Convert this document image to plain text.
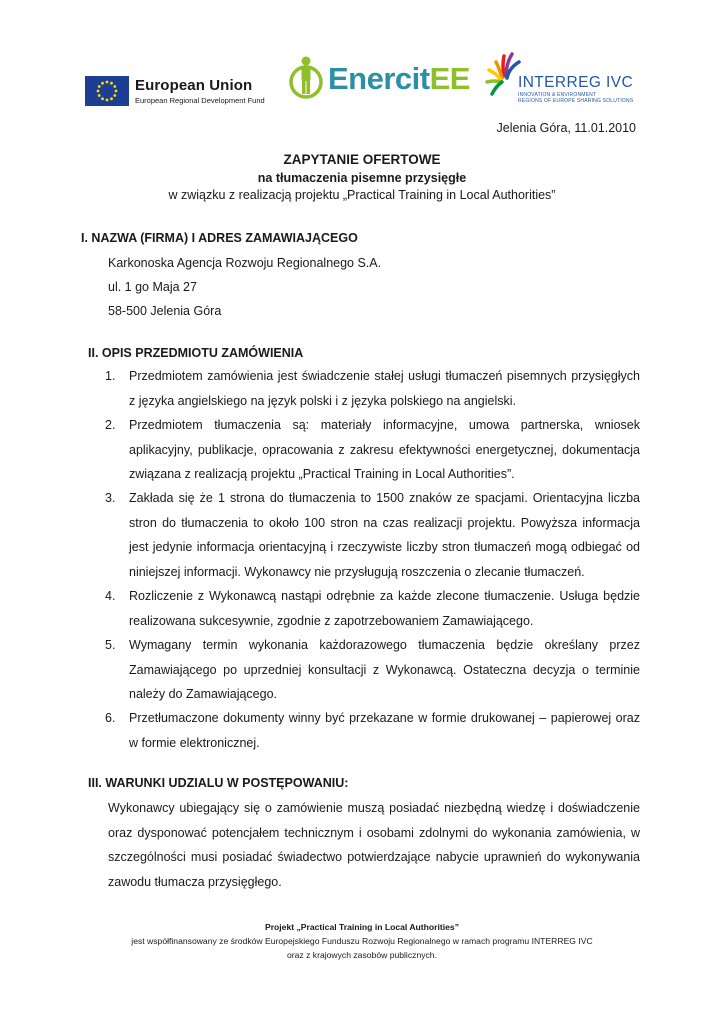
European Union
European Regional Development Fund
EnercitEE	INTERREG IVC
INNOVATION & ENVIRONMENT
REGIONS OF EUROPE SHARING SOLUTIONS
Jelenia Góra, 11.01.2010
ZAPYTANIE OFERTOWE
na tłumaczenia pisemne przysięgłe
w związku z realizacją projektu „Practical Training in Local Authorities”
I. NAZWA (FIRMA) I ADRES ZAMAWIAJĄCEGO
Karkonoska Agencja Rozwoju Regionalnego S.A.
ul. 1 go Maja 27
58-500 Jelenia Góra
II. OPIS PRZEDMIOTU ZAMÓWIENIA
1. Przedmiotem zamówienia jest świadczenie stałej usługi tłumaczeń pisemnych przysięgłych z języka angielskiego na język polski i z języka polskiego na angielski.
2. Przedmiotem tłumaczenia są: materiały informacyjne, umowa partnerska, wniosek aplikacyjny, publikacje, opracowania z zakresu efektywności energetycznej, dokumentacja związana z realizacją projektu „Practical Training in Local Authorities”.
3. Zakłada się że 1 strona do tłumaczenia to 1500 znaków ze spacjami. Orientacyjna liczba stron do tłumaczenia to około 100 stron na czas realizacji projektu. Powyższa informacja jest jedynie informacja orientacyjną i rzeczywiste liczby stron tłumaczeń mogą odbiegać od niniejszej informacji. Wykonawcy nie przysługują roszczenia o zlecanie tłumaczeń.
4. Rozliczenie z Wykonawcą nastąpi odrębnie za każde zlecone tłumaczenie. Usługa będzie realizowana sukcesywnie, zgodnie z zapotrzebowaniem Zamawiającego.
5. Wymagany termin wykonania każdorazowego tłumaczenia będzie określany przez Zamawiającego po uprzedniej konsultacji z Wykonawcą. Ostateczna decyzja o terminie należy do Zamawiającego.
6. Przetłumaczone dokumenty winny być przekazane w formie drukowanej – papierowej oraz w formie elektronicznej.
III. WARUNKI UDZIALU W POSTĘPOWANIU:
Wykonawcy ubiegający się o zamówienie muszą posiadać niezbędną wiedzę i doświadczenie oraz dysponować potencjałem technicznym i osobami zdolnymi do wykonania zamówienia, w szczególności musi posiadać świadectwo potwierdzające nabycie uprawnień do wykonywania zawodu tłumacza przysięgłego.
Projekt „Practical Training in Local Authorities”
jest współfinansowany ze środków Europejskiego Funduszu Rozwoju Regionalnego w ramach programu INTERREG IVC
oraz z krajowych zasobów publicznych.
